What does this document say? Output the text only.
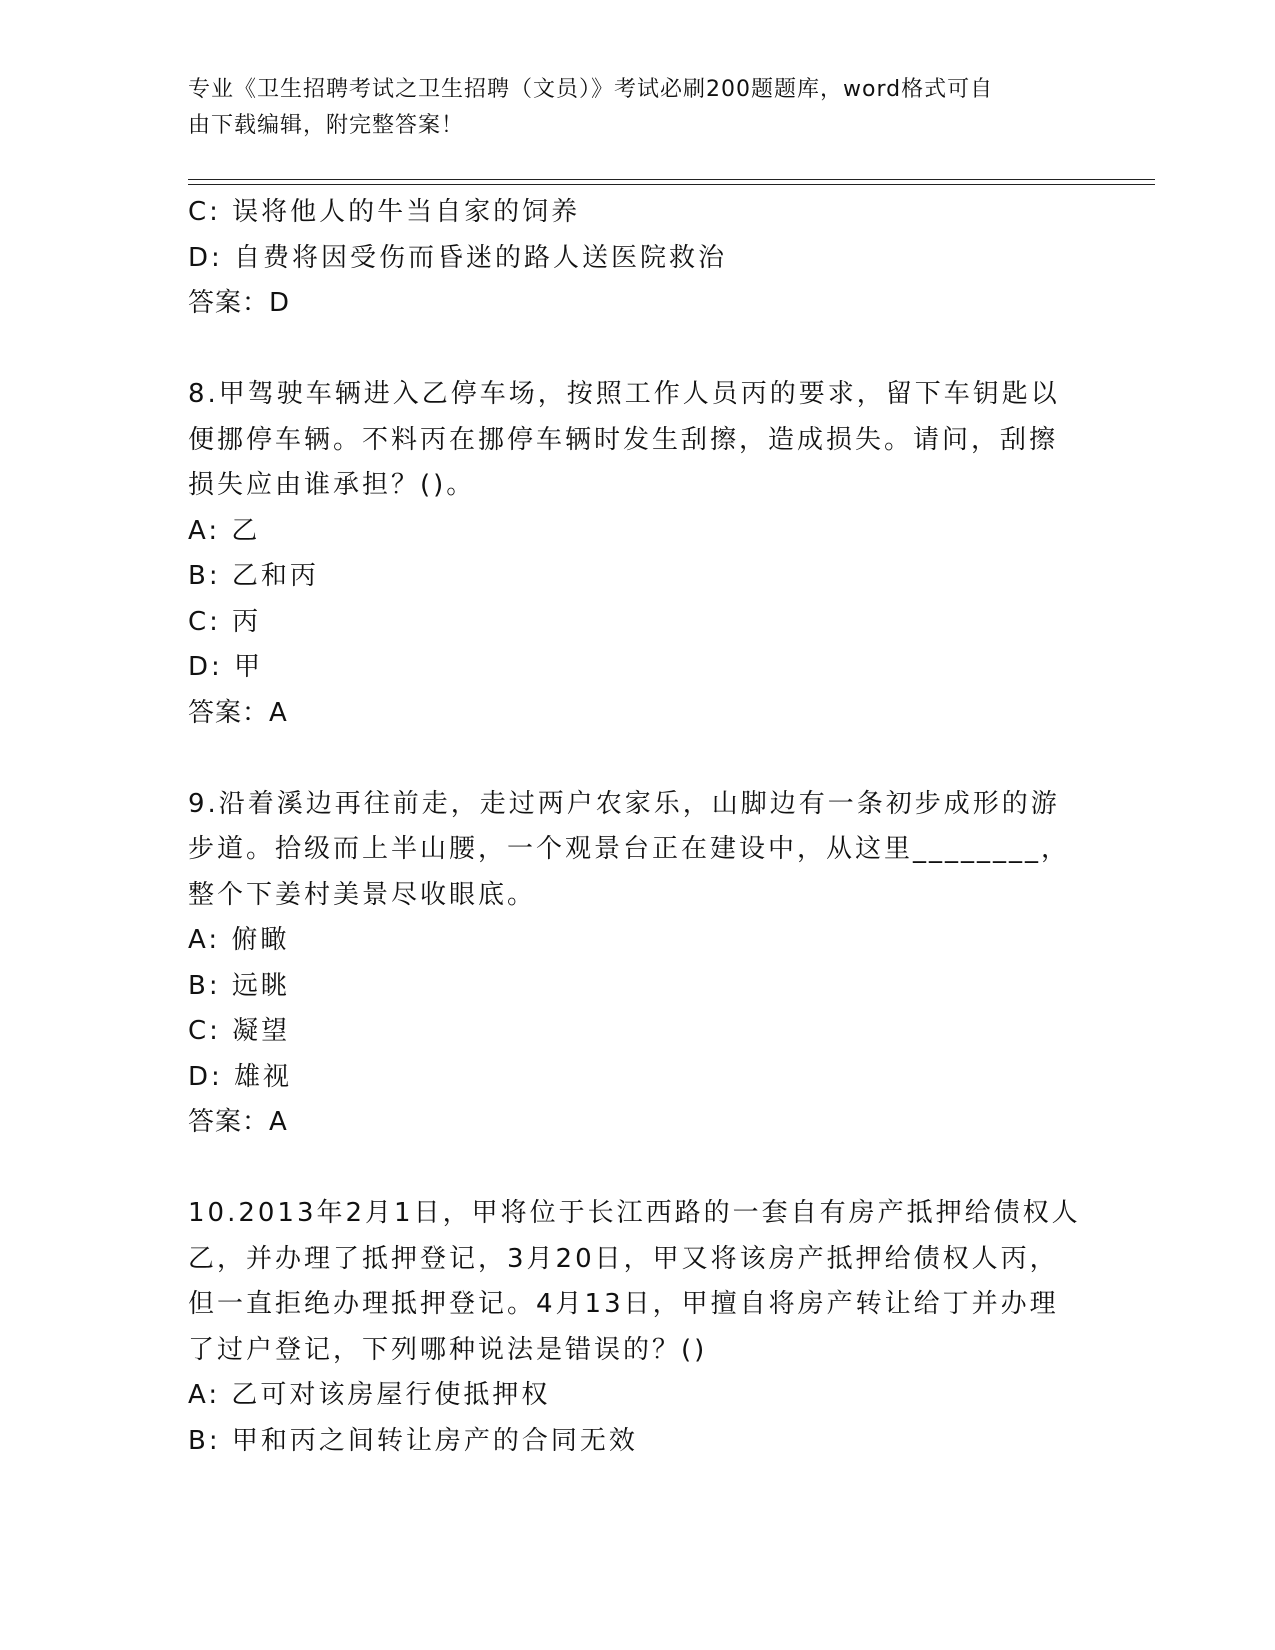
专业《卫生招聘考试之卫生招聘（文员）》考试必刷200题题库，word格式可自
由下载编辑，附完整答案！
C: 误将他人的牛当自家的饲养
D: 自费将因受伤而昏迷的路人送医院救治
答案：D
8.甲驾驶车辆进入乙停车场，按照工作人员丙的要求，留下车钥匙以
便挪停车辆。不料丙在挪停车辆时发生刮擦，造成损失。请问，刮擦
损失应由谁承担？()。
A: 乙
B: 乙和丙
C: 丙
D: 甲
答案：A
9.沿着溪边再往前走，走过两户农家乐，山脚边有一条初步成形的游
步道。拾级而上半山腰，一个观景台正在建设中，从这里________，
整个下姜村美景尽收眼底。
A: 俯瞰
B: 远眺
C: 凝望
D: 雄视
答案：A
10.2013年2月1日，甲将位于长江西路的一套自有房产抵押给债权人
乙，并办理了抵押登记，3月20日，甲又将该房产抵押给债权人丙，
但一直拒绝办理抵押登记。4月13日，甲擅自将房产转让给丁并办理
了过户登记，下列哪种说法是错误的？()
A: 乙可对该房屋行使抵押权
B: 甲和丙之间转让房产的合同无效
